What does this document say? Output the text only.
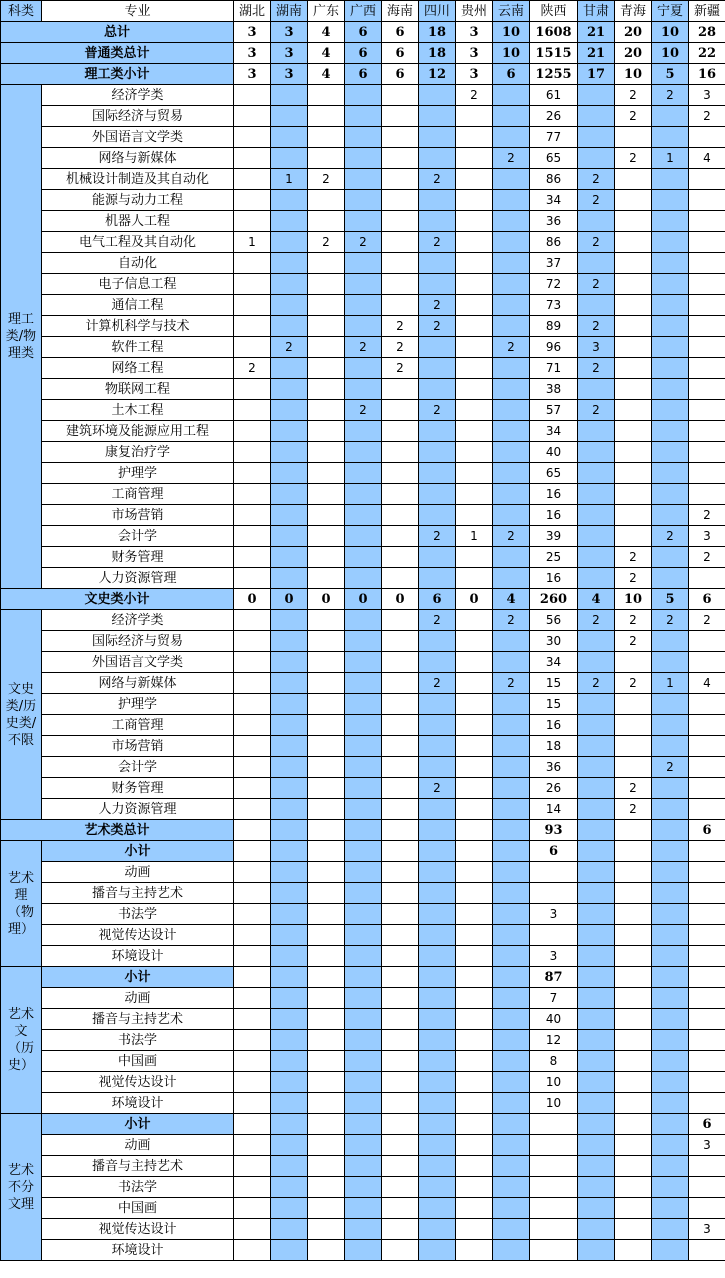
科类	专业	湖北	湖南	广东	广西	海南	四川	贵州	云南	陕西	甘肃	青海	宁夏	新疆
总计		3	3	4	6	6	18	3	10	1608	21	20	10	28
普通类总计		3	3	4	6	6	18	3	10	1515	21	20	10	22
理工类小计		3	3	4	6	6	12	3	6	1255	17	10	5	16
理工类/物理类	经济学类							2		61		2	2	3
	国际经济与贸易									26		2		2
	外国语言文学类									77				
	网络与新媒体								2	65		2	1	4
	机械设计制造及其自动化		1	2			2			86	2			
	能源与动力工程									34	2			
	机器人工程									36				
	电气工程及其自动化	1		2	2		2			86	2			
	自动化									37				
	电子信息工程									72	2			
	通信工程						2			73				
	计算机科学与技术					2	2			89	2			
	软件工程		2		2	2			2	96	3			
	网络工程	2				2				71	2			
	物联网工程									38				
	土木工程				2		2			57	2			
	建筑环境及能源应用工程									34				
	康复治疗学									40				
	护理学									65				
	工商管理									16				
	市场营销									16				2
	会计学						2	1	2	39			2	3
	财务管理									25		2		2
	人力资源管理									16		2		
文史类小计		0	0	0	0	0	6	0	4	260	4	10	5	6
文史类/历史类/不限	经济学类						2		2	56	2	2	2	2
	国际经济与贸易									30		2		
	外国语言文学类									34				
	网络与新媒体						2		2	15	2	2	1	4
	护理学									15				
	工商管理									16				
	市场营销									18				
	会计学									36			2	
	财务管理						2			26		2		
	人力资源管理									14		2		
艺术类总计										93				6
艺术理（物理）	小计									6				
	动画													
	播音与主持艺术													
	书法学									3				
	视觉传达设计													
	环境设计									3				
艺术文（历史）	小计									87				
	动画									7				
	播音与主持艺术									40				
	书法学									12				
	中国画									8				
	视觉传达设计									10				
	环境设计									10				
艺术不分文理	小计													6
	动画													3
	播音与主持艺术													
	书法学													
	中国画													
	视觉传达设计													3
	环境设计													
